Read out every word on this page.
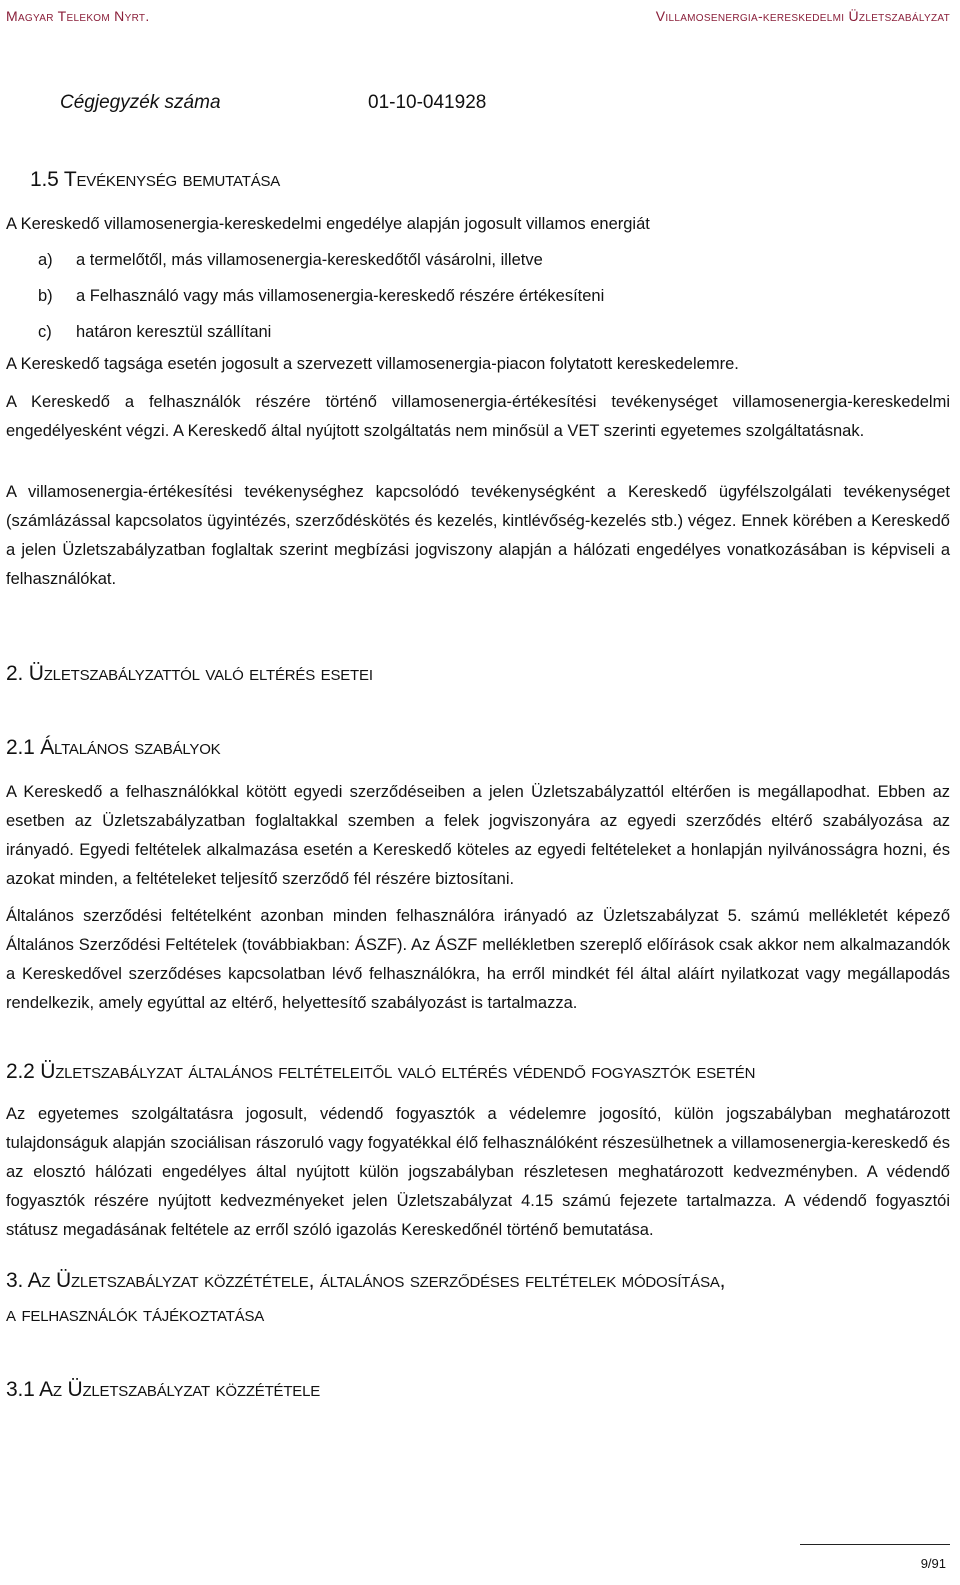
Magyar Telekom Nyrt.	Villamosenergia-kereskedelmi Üzletszabályzat
Cégjegyzék száma	01-10-041928
1.5 Tevékenység bemutatása

A Kereskedő villamosenergia-kereskedelmi engedélye alapján jogosult villamos energiát

a) a termelőtől, más villamosenergia-kereskedőtől vásárolni, illetve
b) a Felhasználó vagy más villamosenergia-kereskedő részére értékesíteni
c) határon keresztül szállítani

A Kereskedő tagsága esetén jogosult a szervezett villamosenergia-piacon folytatott kereskedelemre.

A Kereskedő a felhasználók részére történő villamosenergia-értékesítési tevékenységet villamosenergia-kereskedelmi engedélyesként végzi. A Kereskedő által nyújtott szolgáltatás nem minősül a VET szerinti egyetemes szolgáltatásnak.

A villamosenergia-értékesítési tevékenységhez kapcsolódó tevékenységként a Kereskedő ügyfélszolgálati tevékenységet (számlázással kapcsolatos ügyintézés, szerződéskötés és kezelés, kintlévőség-kezelés stb.) végez. Ennek körében a Kereskedő a jelen Üzletszabályzatban foglaltak szerint megbízási jogviszony alapján a hálózati engedélyes vonatkozásában is képviseli a felhasználókat.

2. Üzletszabályzattól való eltérés esetei
2.1 Általános szabályok

A Kereskedő a felhasználókkal kötött egyedi szerződéseiben a jelen Üzletszabályzattól eltérően is megállapodhat. Ebben az esetben az Üzletszabályzatban foglaltakkal szemben a felek jogviszonyára az egyedi szerződés eltérő szabályozása az irányadó. Egyedi feltételek alkalmazása esetén a Kereskedő köteles az egyedi feltételeket a honlapján nyilvánosságra hozni, és azokat minden, a feltételeket teljesítő szerződő fél részére biztosítani.

Általános szerződési feltételként azonban minden felhasználóra irányadó az Üzletszabályzat 5. számú mellékletét képező Általános Szerződési Feltételek (továbbiakban: ÁSZF). Az ÁSZF mellékletben szereplő előírások csak akkor nem alkalmazandók a Kereskedővel szerződéses kapcsolatban lévő felhasználókra, ha erről mindkét fél által aláírt nyilatkozat vagy megállapodás rendelkezik, amely egyúttal az eltérő, helyettesítő szabályozást is tartalmazza.

2.2 Üzletszabályzat általános feltételeitől való eltérés védendő fogyasztók esetén

Az egyetemes szolgáltatásra jogosult, védendő fogyasztók a védelemre jogosító, külön jogszabályban meghatározott tulajdonságuk alapján szociálisan rászoruló vagy fogyatékkal élő felhasználóként részesülhetnek a villamosenergia-kereskedő és az elosztó hálózati engedélyes által nyújtott külön jogszabályban részletesen meghatározott kedvezményben. A védendő fogyasztók részére nyújtott kedvezményeket jelen Üzletszabályzat 4.15 számú fejezete tartalmazza. A védendő fogyasztói státusz megadásának feltétele az erről szóló igazolás Kereskedőnél történő bemutatása.

3. Az Üzletszabályzat közzététele, általános szerződéses feltételek módosítása,
a felhasználók tájékoztatása
3.1 Az Üzletszabályzat közzététele
9/91
